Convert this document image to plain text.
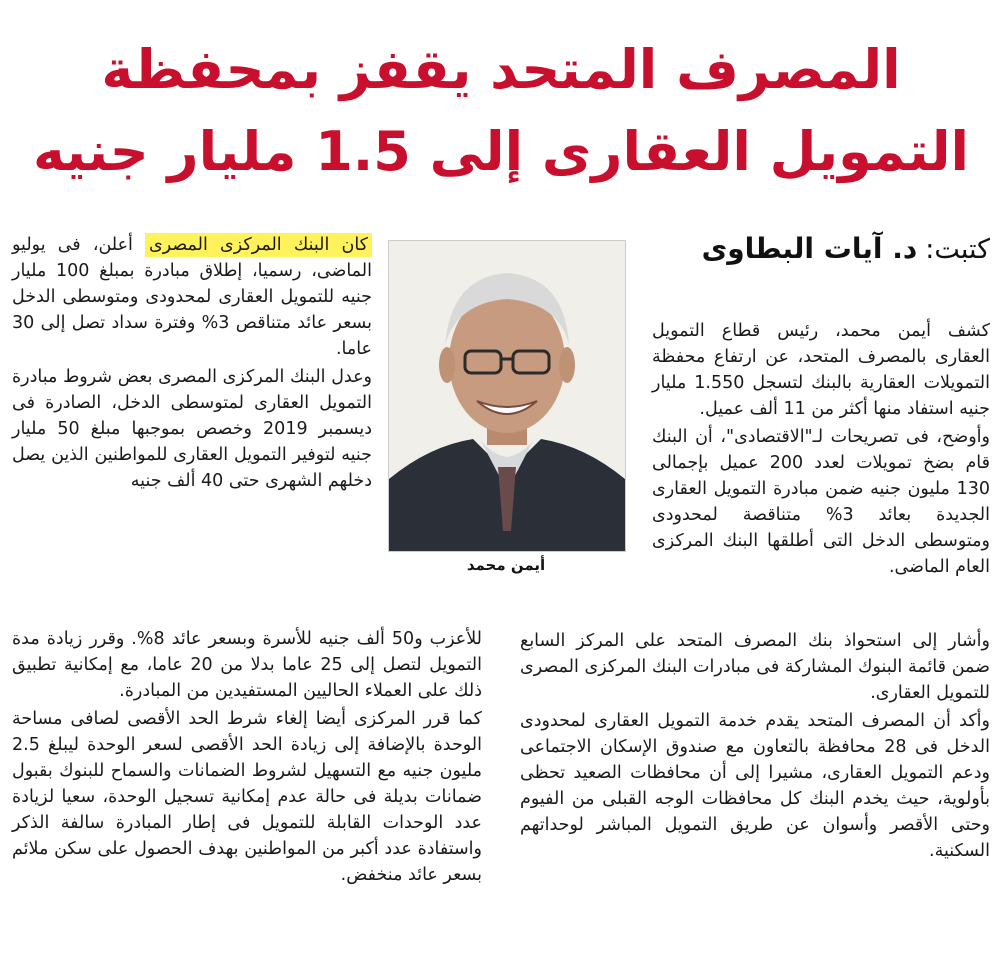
المصرف المتحد يقفز بمحفظة
التمويل العقارى إلى 1.5 مليار جنيه
كتبت:
د. آيات البطاوى

كشف أيمن محمد، رئيس قطاع التمويل العقارى بالمصرف المتحد، عن ارتفاع محفظة التمويلات العقارية بالبنك لتسجل 1.550 مليار جنيه استفاد منها أكثر من 11 ألف عميل.

وأوضح، فى تصريحات لـ"الاقتصادى"، أن البنك قام بضخ تمويلات لعدد 200 عميل بإجمالى 130 مليون جنيه ضمن مبادرة التمويل العقارى الجديدة بعائد 3% متناقصة لمحدودى ومتوسطى الدخل التى أطلقها البنك المركزى العام الماضى.

وأشار إلى استحواذ بنك المصرف المتحد على المركز السابع ضمن قائمة البنوك المشاركة فى مبادرات البنك المركزى المصرى للتمويل العقارى.

وأكد أن المصرف المتحد يقدم خدمة التمويل العقارى لمحدودى الدخل فى 28 محافظة بالتعاون مع صندوق الإسكان الاجتماعى ودعم التمويل العقارى، مشيرا إلى أن محافظات الصعيد تحظى بأولوية، حيث يخدم البنك كل محافظات الوجه القبلى من الفيوم وحتى الأقصر وأسوان عن طريق التمويل المباشر لوحداتهم السكنية.

كان البنك المركزى المصرى أعلن، فى يوليو الماضى، رسميا، إطلاق مبادرة بمبلغ 100 مليار جنيه للتمويل العقارى لمحدودى ومتوسطى الدخل بسعر عائد متناقص 3% وفترة سداد تصل إلى 30 عاما.

وعدل البنك المركزى المصرى بعض شروط مبادرة التمويل العقارى لمتوسطى الدخل، الصادرة فى ديسمبر 2019 وخصص بموجبها مبلغ 50 مليار جنيه لتوفير التمويل العقارى للمواطنين الذين يصل دخلهم الشهرى حتى 40 ألف جنيه

للأعزب و50 ألف جنيه للأسرة وبسعر عائد 8%. وقرر زيادة مدة التمويل لتصل إلى 25 عاما بدلا من 20 عاما، مع إمكانية تطبيق ذلك على العملاء الحاليين المستفيدين من المبادرة.

كما قرر المركزى أيضا إلغاء شرط الحد الأقصى لصافى مساحة الوحدة بالإضافة إلى زيادة الحد الأقصى لسعر الوحدة ليبلغ 2.5 مليون جنيه مع التسهيل لشروط الضمانات والسماح للبنوك بقبول ضمانات بديلة فى حالة عدم إمكانية تسجيل الوحدة، سعيا لزيادة عدد الوحدات القابلة للتمويل فى إطار المبادرة سالفة الذكر واستفادة عدد أكبر من المواطنين بهدف الحصول على سكن ملائم بسعر عائد منخفض.

أيمن محمد
